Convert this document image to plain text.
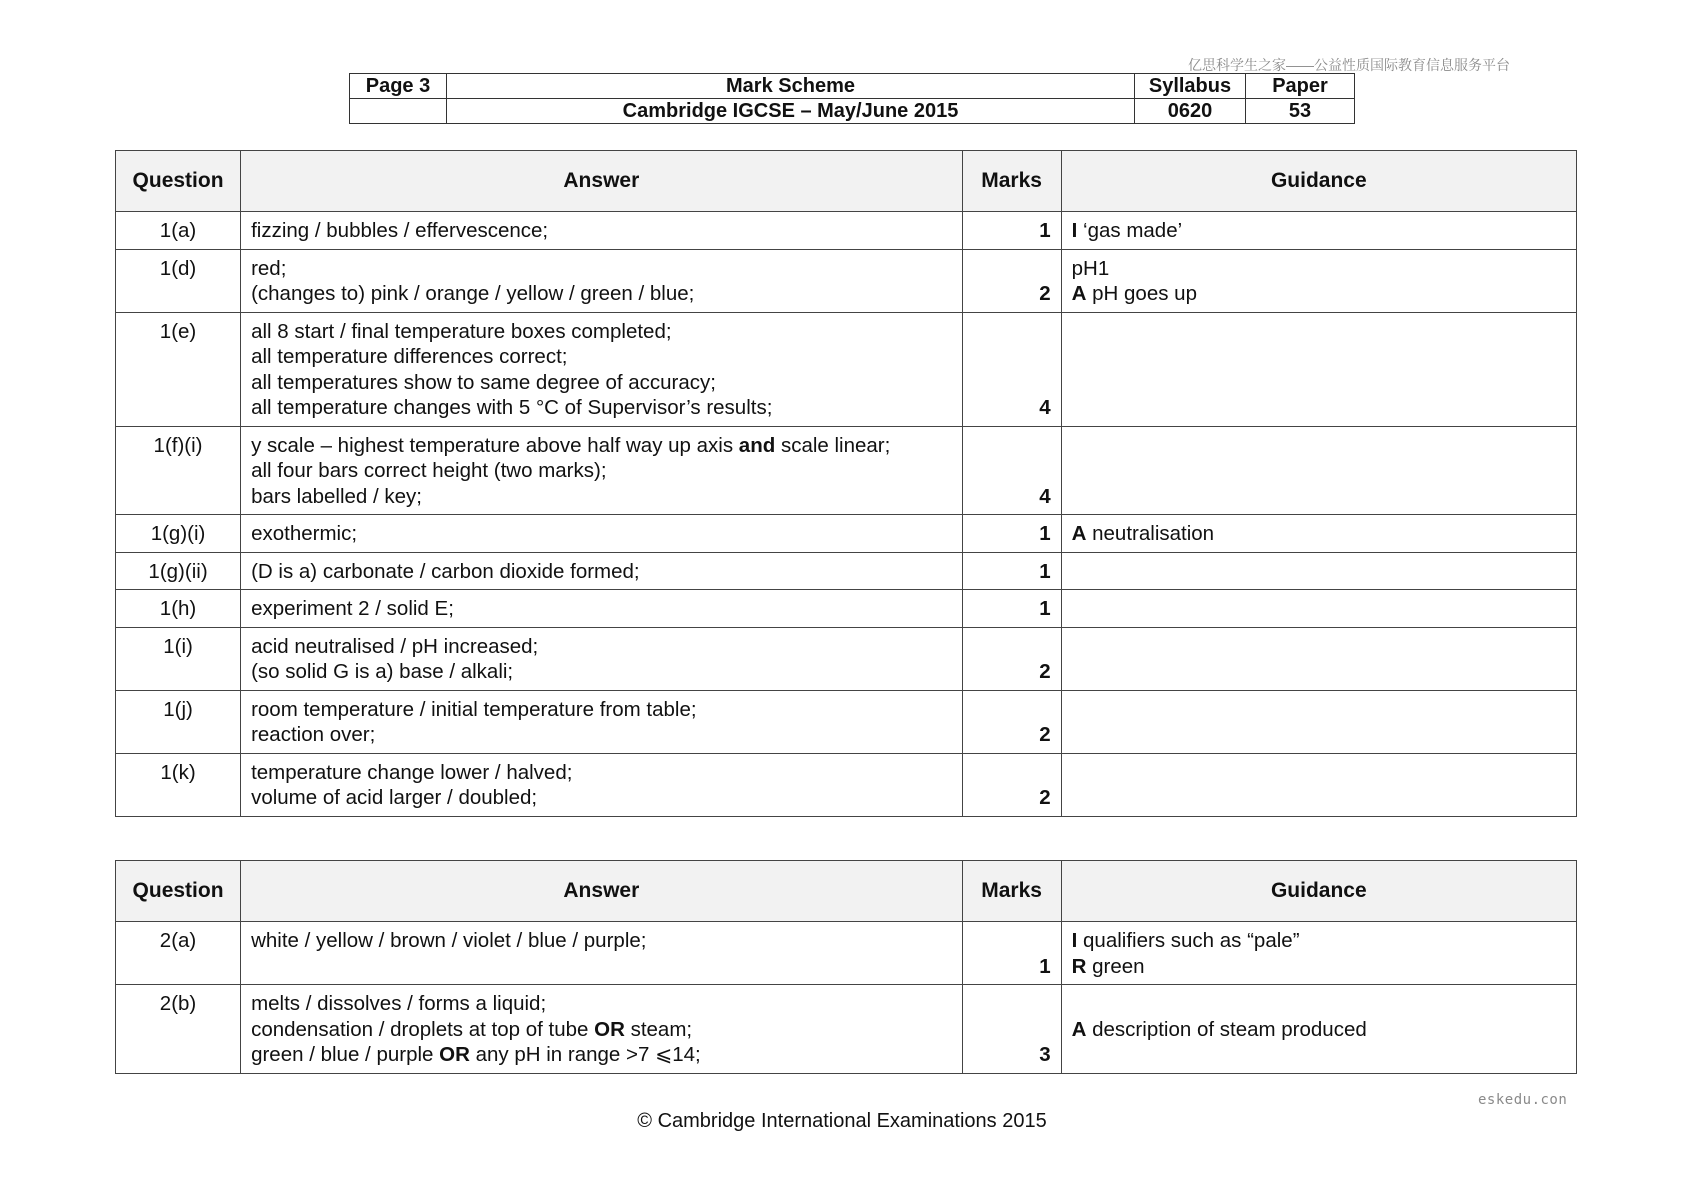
亿思科学生之家——公益性质国际教育信息服务平台
Page 3	Mark Scheme	Syllabus	Paper
	Cambridge IGCSE – May/June 2015	0620	53
Question	Answer	Marks	Guidance
1(a)	fizzing / bubbles / effervescence;	1	I ‘gas made’

1(d)	red;
(changes to) pink / orange / yellow / green / blue;	2	pH1
A pH goes up

1(e)	all 8 start / final temperature boxes completed;
all temperature differences correct;
all temperatures show to same degree of accuracy;
all temperature changes with 5 °C of Supervisor’s results;	4	
1(f)(i)	y scale – highest temperature above half way up axis and scale linear;
all four bars correct height (two marks);
bars labelled / key;	4	
1(g)(i)	exothermic;	1	A neutralisation

1(g)(ii)	(D is a) carbonate / carbon dioxide formed;	1	
1(h)	experiment 2 / solid E;	1	
1(i)	acid neutralised / pH increased;
(so solid G is a) base / alkali;	2	
1(j)	room temperature / initial temperature from table;
reaction over;	2	
1(k)	temperature change lower / halved;
volume of acid larger / doubled;	2	
Question	Answer	Marks	Guidance
2(a)	white / yellow / brown / violet / blue / purple;	1	I qualifiers such as “pale”
R green

2(b)	melts / dissolves / forms a liquid;
condensation / droplets at top of tube OR steam;
green / blue / purple OR any pH in range >7 ⩽14;	3	A description of steam produced
eskedu.con
© Cambridge International Examinations 2015
